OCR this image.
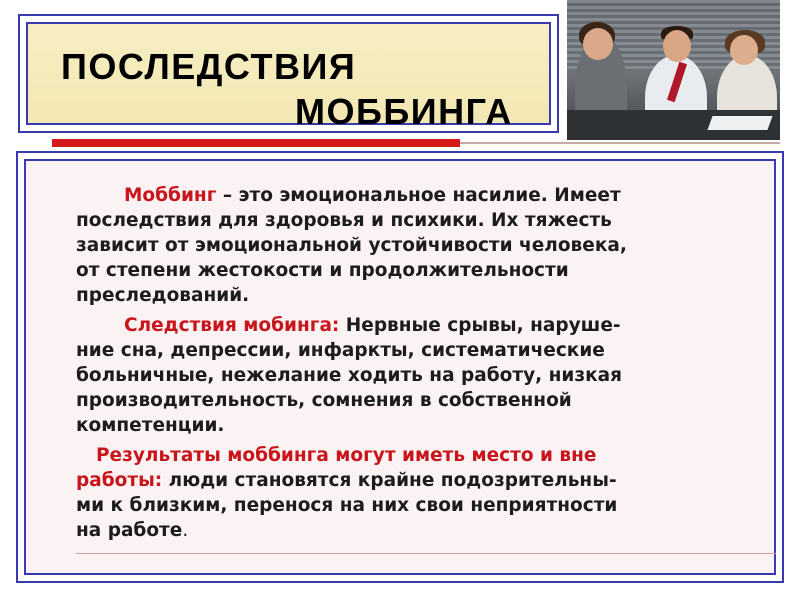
ПОСЛЕДСТВИЯ
МОББИНГА
Моббинг – это эмоциональное насилие. Имеет
последствия для здоровья и психики. Их тяжесть
зависит от эмоциональной устойчивости человека,
от степени жестокости и продолжительности
преследований.
Следствия мобинга: Нервные срывы, наруше-
ние сна, депрессии, инфаркты, систематические
больничные, нежелание ходить на работу, низкая
производительность, сомнения в собственной
компетенции.
Результаты моббинга могут иметь место и вне
работы: люди становятся крайне подозрительны-
ми к близким, перенося на них свои неприятности
на работе.
